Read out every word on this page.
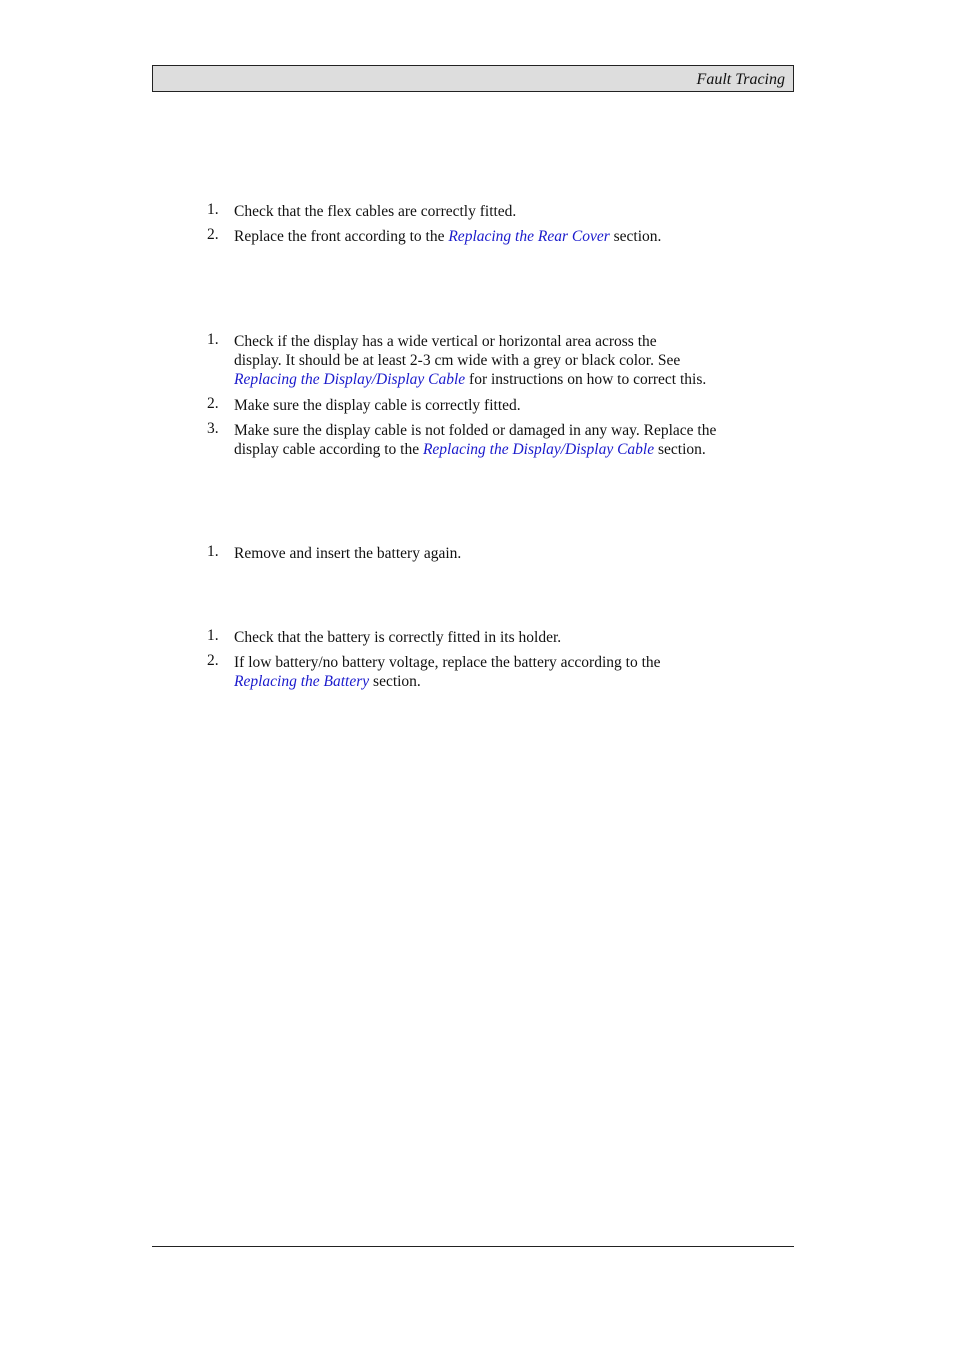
Fault Tracing
1. Check that the flex cables are correctly fitted.
2. Replace the front according to the Replacing the Rear Cover section.
1. Check if the display has a wide vertical or horizontal area across the
display. It should be at least 2-3 cm wide with a grey or black color. See
Replacing the Display/Display Cable for instructions on how to correct this.
2. Make sure the display cable is correctly fitted.
3. Make sure the display cable is not folded or damaged in any way. Replace the
display cable according to the Replacing the Display/Display Cable section.
1. Remove and insert the battery again.
1. Check that the battery is correctly fitted in its holder.
2. If low battery/no battery voltage, replace the battery according to the
Replacing the Battery section.
